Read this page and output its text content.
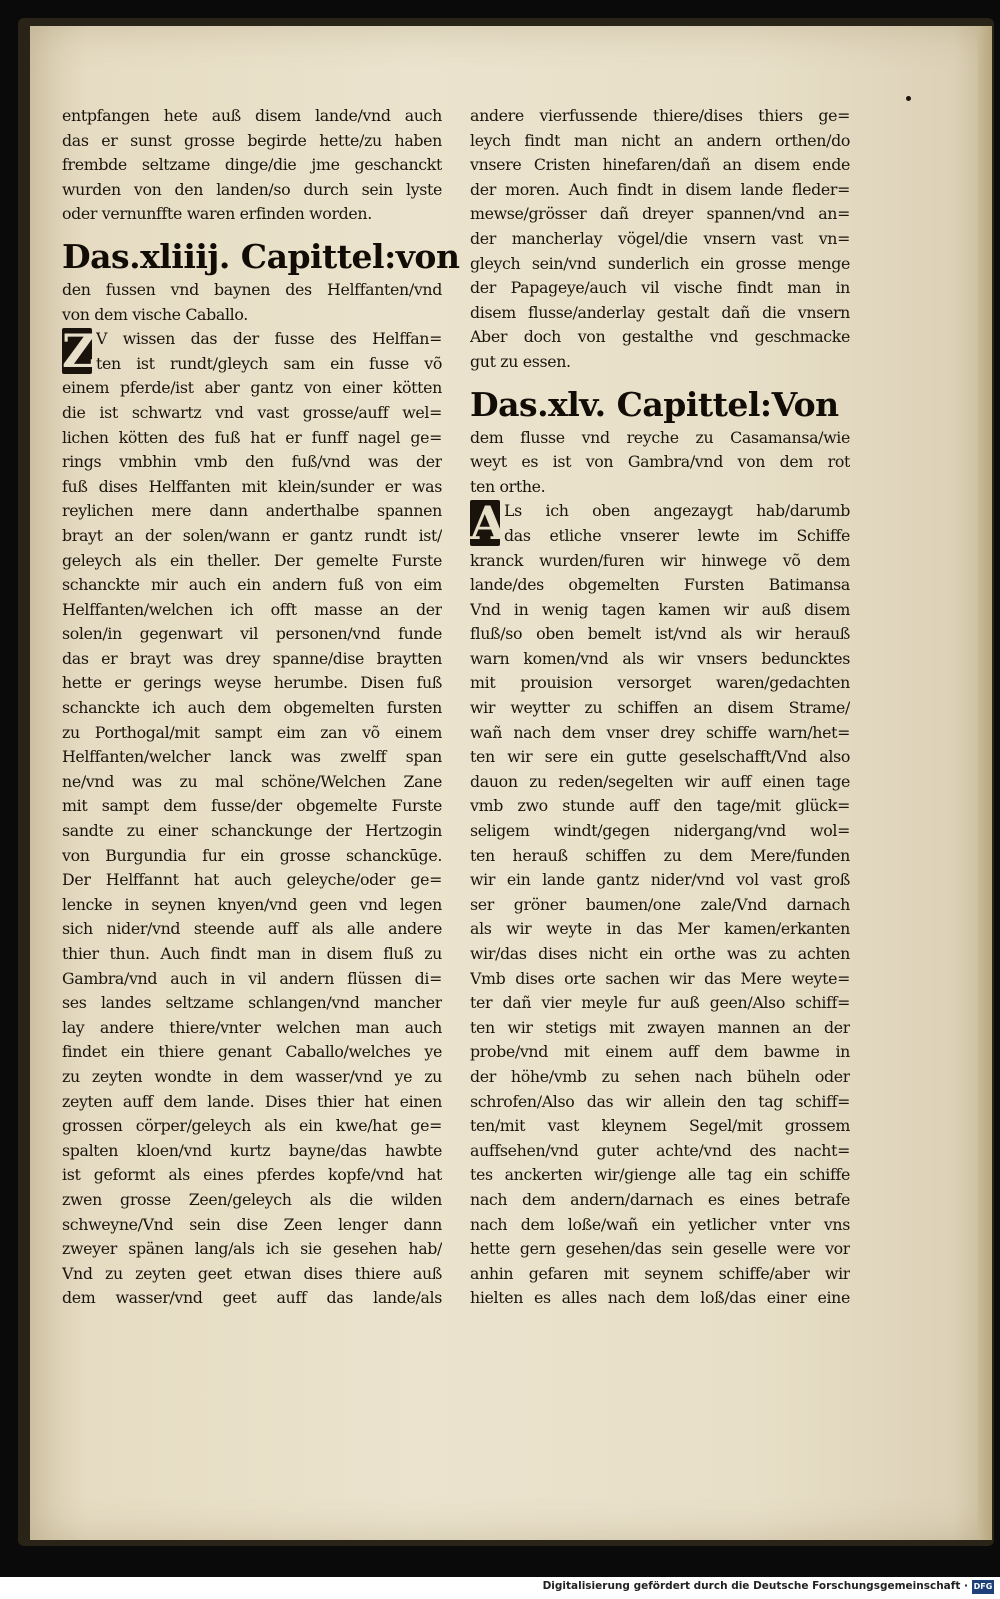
entpfangen hete auß disem lande/vnd auch
das er sunst grosse begirde hette/zu haben
frembde seltzame dinge/die jme geschanckt
wurden von den landen/so durch sein lyste
oder vernunffte waren erfinden worden.
Das.xliiij. Capittel:von
den fussen vnd baynen des Helffanten/vnd
von dem vische Caballo.
Z V wissen das der fusse des Helffan=
ten ist rundt/gleych sam ein fusse võ
einem pferde/ist aber gantz von einer kötten
die ist schwartz vnd vast grosse/auff wel=
lichen kötten des fuß hat er funff nagel ge=
rings vmbhin vmb den fuß/vnd was der
fuß dises Helffanten mit klein/sunder er was
reylichen mere dann anderthalbe spannen
brayt an der solen/wann er gantz rundt ist/
geleych als ein theller. Der gemelte Furste
schanckte mir auch ein andern fuß von eim
Helffanten/welchen ich offt masse an der
solen/in gegenwart vil personen/vnd funde
das er brayt was drey spanne/dise braytten
hette er gerings weyse herumbe. Disen fuß
schanckte ich auch dem obgemelten fursten
zu Porthogal/mit sampt eim zan võ einem
Helffanten/welcher lanck was zwelff span
ne/vnd was zu mal schöne/Welchen Zane
mit sampt dem fusse/der obgemelte Furste
sandte zu einer schanckunge der Hertzogin
von Burgundia fur ein grosse schanckūge.
Der Helffannt hat auch geleyche/oder ge=
lencke in seynen knyen/vnd geen vnd legen
sich nider/vnd steende auff als alle andere
thier thun. Auch findt man in disem fluß zu
Gambra/vnd auch in vil andern flüssen di=
ses landes seltzame schlangen/vnd mancher
lay andere thiere/vnter welchen man auch
findet ein thiere genant Caballo/welches ye
zu zeyten wondte in dem wasser/vnd ye zu
zeyten auff dem lande. Dises thier hat einen
grossen cörper/geleych als ein kwe/hat ge=
spalten kloen/vnd kurtz bayne/das hawbte
ist geformt als eines pferdes kopfe/vnd hat
zwen grosse Zeen/geleych als die wilden
schweyne/Vnd sein dise Zeen lenger dann
zweyer spänen lang/als ich sie gesehen hab/
Vnd zu zeyten geet etwan dises thiere auß
dem wasser/vnd geet auff das lande/als
andere vierfussende thiere/dises thiers ge=
leych findt man nicht an andern orthen/do
vnsere Cristen hinefaren/dañ an disem ende
der moren. Auch findt in disem lande fleder=
mewse/grösser dañ dreyer spannen/vnd an=
der mancherlay vögel/die vnsern vast vn=
gleych sein/vnd sunderlich ein grosse menge
der Papageye/auch vil vische findt man in
disem flusse/anderlay gestalt dañ die vnsern
Aber doch von gestalthe vnd geschmacke
gut zu essen.
Das.xlv. Capittel:Von
dem flusse vnd reyche zu Casamansa/wie
weyt es ist von Gambra/vnd von dem rot
ten orthe.
A
Ls ich oben angezaygt hab/darumb
das etliche vnserer lewte im Schiffe
kranck wurden/furen wir hinwege võ dem
lande/des obgemelten Fursten Batimansa
Vnd in wenig tagen kamen wir auß disem
fluß/so oben bemelt ist/vnd als wir herauß
warn komen/vnd als wir vnsers beduncktes
mit prouision versorget waren/gedachten
wir weytter zu schiffen an disem Strame/
wañ nach dem vnser drey schiffe warn/het=
ten wir sere ein gutte geselschafft/Vnd also
dauon zu reden/segelten wir auff einen tage
vmb zwo stunde auff den tage/mit glück=
seligem windt/gegen nidergang/vnd wol=
ten herauß schiffen zu dem Mere/funden
wir ein lande gantz nider/vnd vol vast groß
ser gröner baumen/one zale/Vnd darnach
als wir weyte in das Mer kamen/erkanten
wir/das dises nicht ein orthe was zu achten
Vmb dises orte sachen wir das Mere weyte=
ter dañ vier meyle fur auß geen/Also schiff=
ten wir stetigs mit zwayen mannen an der
probe/vnd mit einem auff dem bawme in
der höhe/vmb zu sehen nach büheln oder
schrofen/Also das wir allein den tag schiff=
ten/mit vast kleynem Segel/mit grossem
auffsehen/vnd guter achte/vnd des nacht=
tes anckerten wir/gienge alle tag ein schiffe
nach dem andern/darnach es eines betrafe
nach dem loße/wañ ein yetlicher vnter vns
hette gern gesehen/das sein geselle were vor
anhin gefaren mit seynem schiffe/aber wir
hielten es alles nach dem loß/das einer eine
Digitalisierung gefördert durch die Deutsche Forschungsgemeinschaft · DFG
